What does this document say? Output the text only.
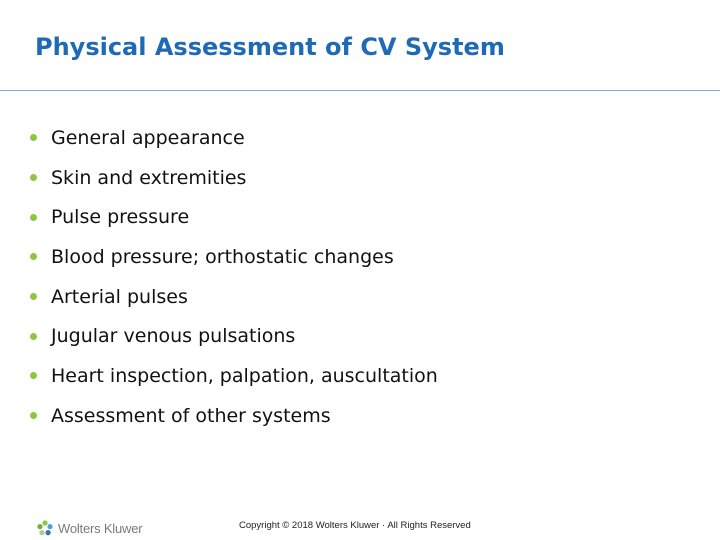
Physical Assessment of CV System
General appearance
Skin and extremities
Pulse pressure
Blood pressure; orthostatic changes
Arterial pulses
Jugular venous pulsations
Heart inspection, palpation, auscultation
Assessment of other systems
Wolters Kluwer	Copyright © 2018 Wolters Kluwer · All Rights Reserved
